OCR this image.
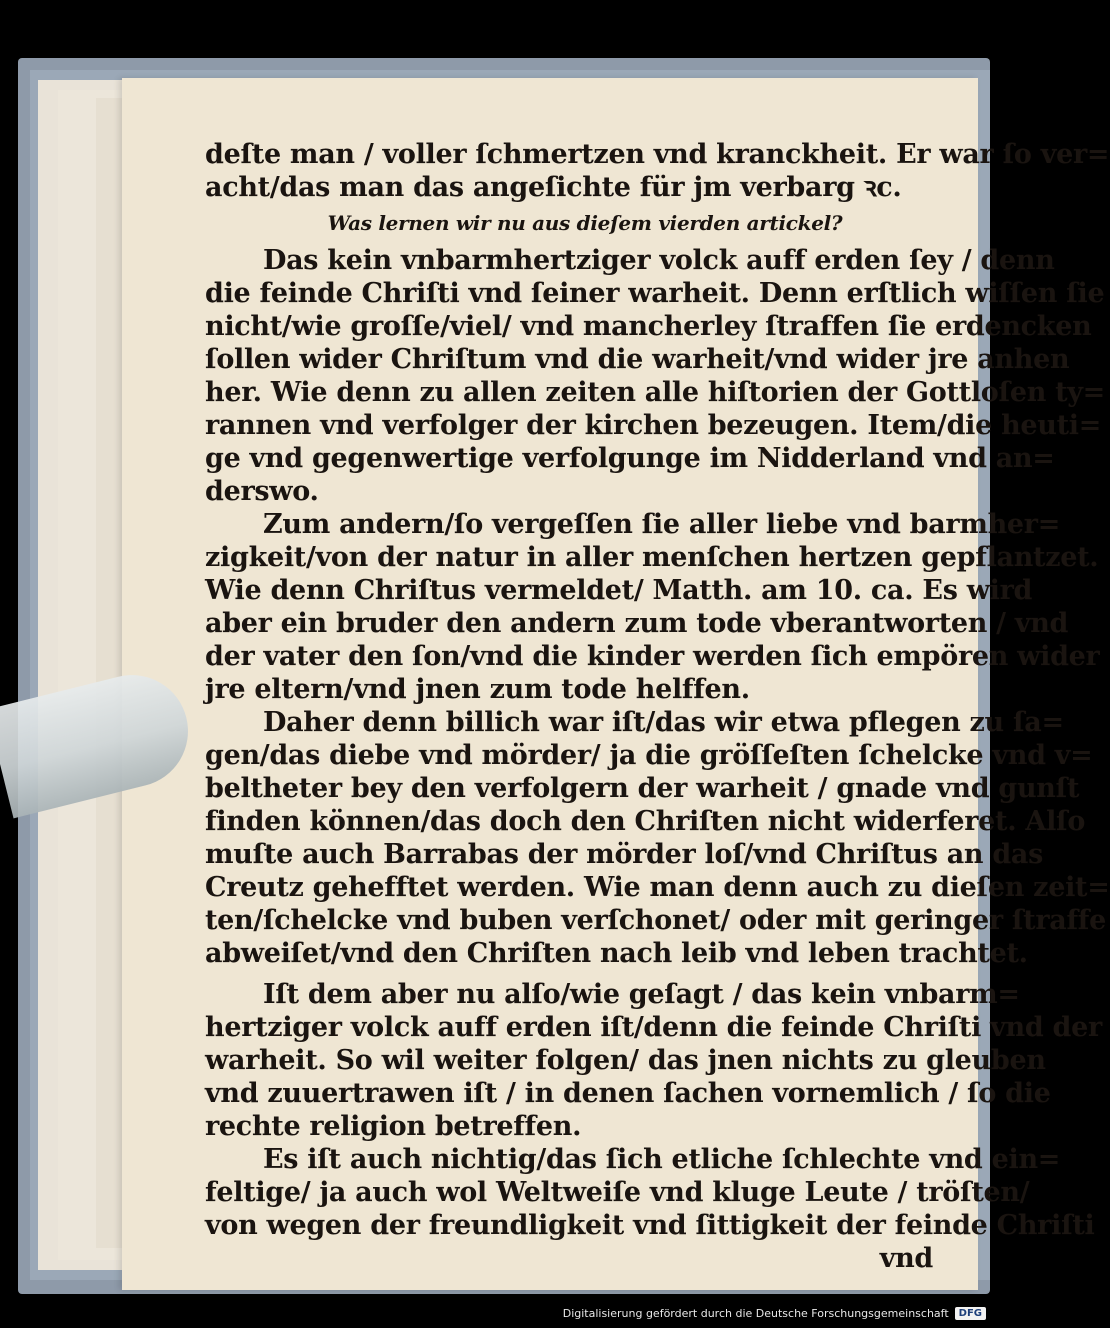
deſte man / voller ſchmertzen vnd kranckheit. Er war ſo ver=
acht/das man das angeſichte für jm verbarg ꝛc.
Was lernen wir nu aus dieſem vierden artickel?
Das kein vnbarmhertziger volck auff erden ſey / denn
die feinde Chriſti vnd ſeiner warheit. Denn erſtlich wiſſen ſie
nicht/wie groſſe/viel/ vnd mancherley ſtraffen ſie erdencken
ſollen wider Chriſtum vnd die warheit/vnd wider jre anhen
her. Wie denn zu allen zeiten alle hiſtorien der Gottloſen ty=
rannen vnd verfolger der kirchen bezeugen. Item/die heuti=
ge vnd gegenwertige verfolgunge im Nidderland vnd an=
derswo.
Zum andern/ſo vergeſſen ſie aller liebe vnd barmher=
zigkeit/von der natur in aller menſchen hertzen gepflantzet.
Wie denn Chriſtus vermeldet/ Matth. am 10. ca. Es wird
aber ein bruder den andern zum tode vberantworten / vnd
der vater den ſon/vnd die kinder werden ſich empören wider
jre eltern/vnd jnen zum tode helffen.
Daher denn billich war iſt/das wir etwa pflegen zu ſa=
gen/das diebe vnd mörder/ ja die gröſſeſten ſchelcke vnd v=
beltheter bey den verfolgern der warheit / gnade vnd gunſt
finden können/das doch den Chriſten nicht widerferet. Alſo
muſte auch Barrabas der mörder loſ/vnd Chriſtus an das
Creutz gehefftet werden. Wie man denn auch zu dieſen zeit=
ten/ſchelcke vnd buben verſchonet/ oder mit geringer ſtraffe
abweiſet/vnd den Chriſten nach leib vnd leben trachtet.
Iſt dem aber nu alſo/wie geſagt / das kein vnbarm=
hertziger volck auff erden iſt/denn die feinde Chriſti vnd der
warheit. So wil weiter folgen/ das jnen nichts zu gleuben
vnd zuuertrawen iſt / in denen ſachen vornemlich / ſo die
rechte religion betreffen.
Es iſt auch nichtig/das ſich etliche ſchlechte vnd ein=
feltige/ ja auch wol Weltweiſe vnd kluge Leute / tröſten/
von wegen der freundligkeit vnd ſittigkeit der feinde Chriſti
vnd
Digitalisierung gefördert durch die Deutsche Forschungsgemeinschaft	DFG
